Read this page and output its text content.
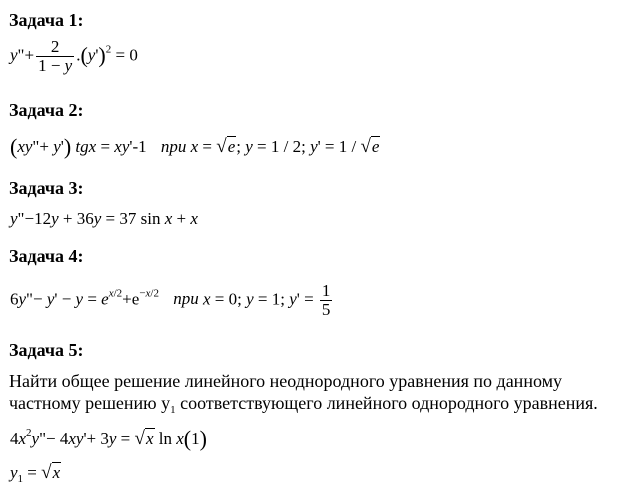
Задача 1:
y"+ $\frac{2}{1 - y} .(y')^2 = 0$
Задача 2:
(xy"+ y') tgx = xy'-1 при x = √e; y = 1 / 2; y' = 1 / √e
Задача 3:
y"−12y + 36y = 37 sin x + x
Задача 4:
6y"− $y' - y = e^{x/2}+e^{-x/2}$ при x = 0; y = 1; $y' = \frac{1}{5}$
Задача 5:
Найти общее решение линейного неоднородного уравнения по данному
частному решению $y_1$ соответствующего линейного однородного уравнения.
$4x^2y"- 4xy'+ 3y = √x$ ln x(1)
$y_1 = √x$
